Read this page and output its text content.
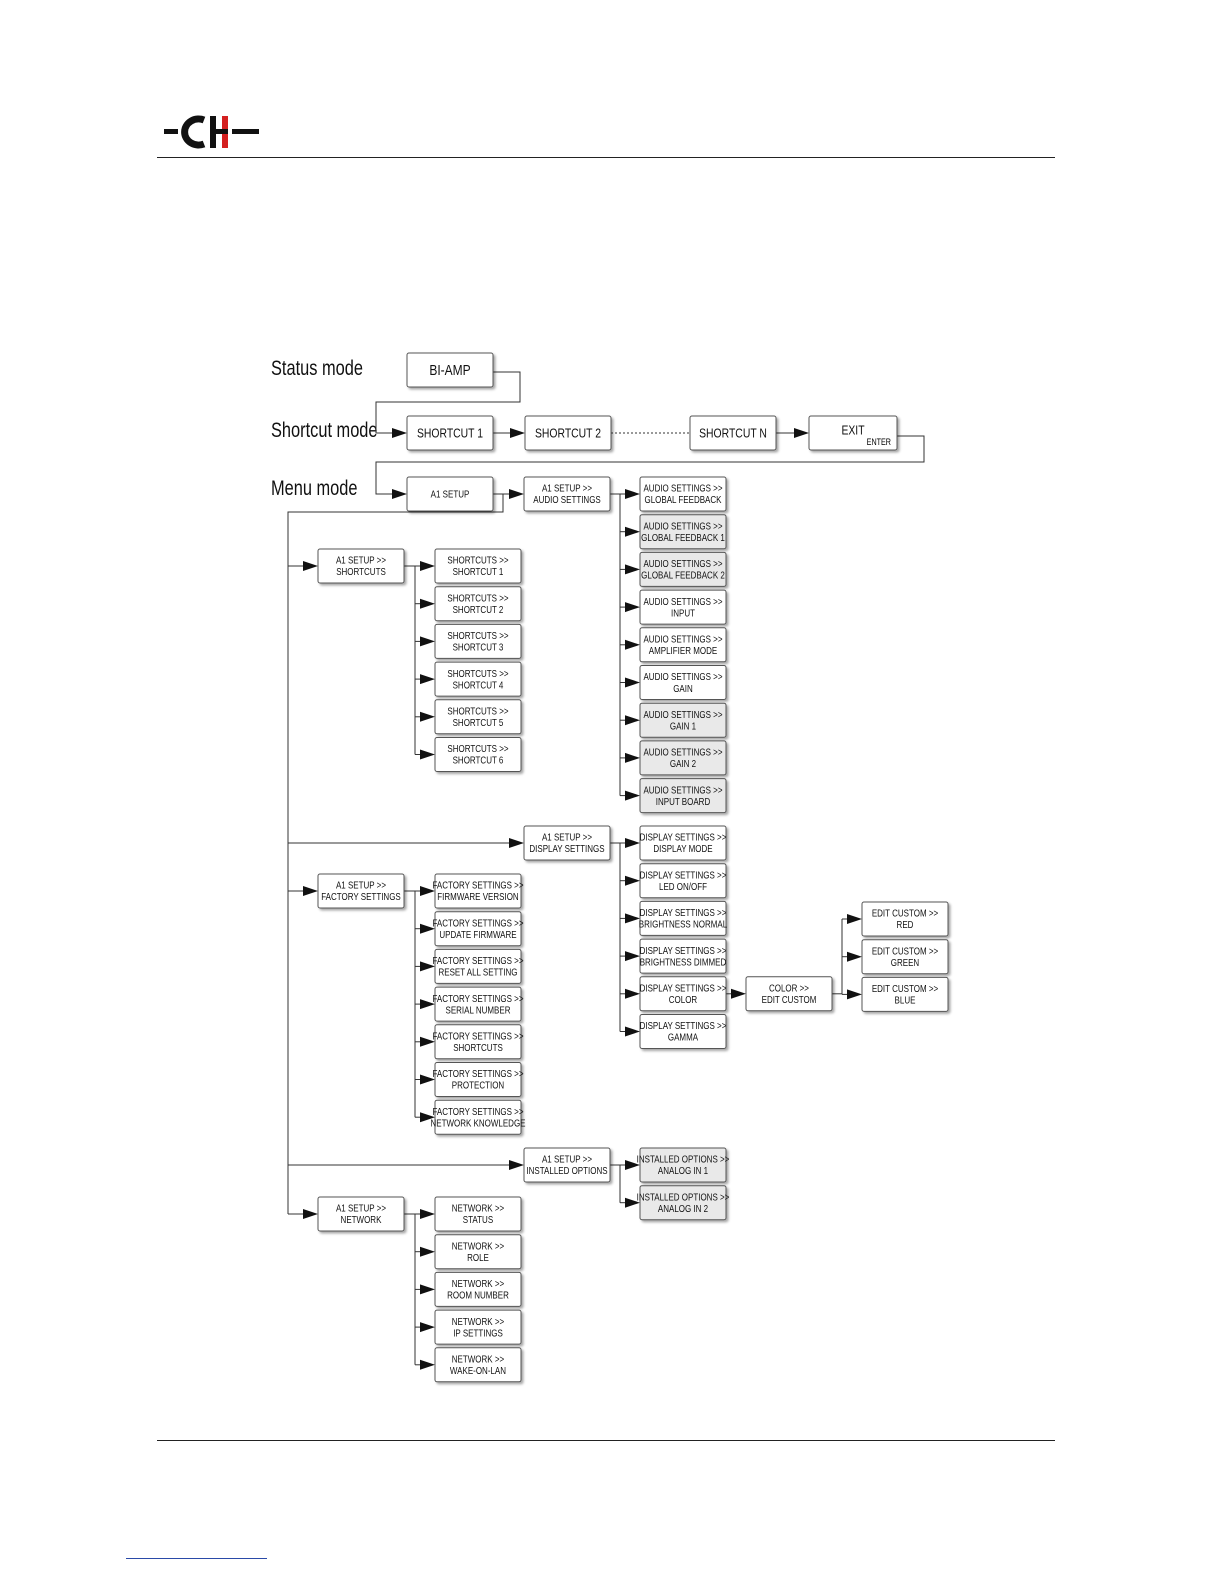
Status mode
Shortcut mode
Menu mode
BI-AMP
SHORTCUT 1	SHORTCUT 2	SHORTCUT N	EXIT
ENTER
A1 SETUP
A1 SETUP >>
AUDIO SETTINGS
AUDIO SETTINGS >>
GLOBAL FEEDBACK
AUDIO SETTINGS >>
GLOBAL FEEDBACK 1
AUDIO SETTINGS >>
GLOBAL FEEDBACK 2
AUDIO SETTINGS >>
INPUT
AUDIO SETTINGS >>
AMPLIFIER MODE
AUDIO SETTINGS >>
GAIN
AUDIO SETTINGS >>
GAIN 1
AUDIO SETTINGS >>
GAIN 2
AUDIO SETTINGS >>
INPUT BOARD
A1 SETUP >>
SHORTCUTS
SHORTCUTS >>
SHORTCUT 1
SHORTCUTS >>
SHORTCUT 2
SHORTCUTS >>
SHORTCUT 3
SHORTCUTS >>
SHORTCUT 4
SHORTCUTS >>
SHORTCUT 5
SHORTCUTS >>
SHORTCUT 6
A1 SETUP >>
DISPLAY SETTINGS
DISPLAY SETTINGS >>
DISPLAY MODE
DISPLAY SETTINGS >>
LED ON/OFF
DISPLAY SETTINGS >>
BRIGHTNESS NORMAL
DISPLAY SETTINGS >>
BRIGHTNESS DIMMED
DISPLAY SETTINGS >>
COLOR
DISPLAY SETTINGS >>
GAMMA
COLOR >>
EDIT CUSTOM
EDIT CUSTOM >>
RED
EDIT CUSTOM >>
GREEN
EDIT CUSTOM >>
BLUE
A1 SETUP >>
FACTORY SETTINGS
FACTORY SETTINGS >>
FIRMWARE VERSION
FACTORY SETTINGS >>
UPDATE FIRMWARE
FACTORY SETTINGS >>
RESET ALL SETTING
FACTORY SETTINGS >>
SERIAL NUMBER
FACTORY SETTINGS >>
SHORTCUTS
FACTORY SETTINGS >>
PROTECTION
FACTORY SETTINGS >>
NETWORK KNOWLEDGE
A1 SETUP >>
INSTALLED OPTIONS
INSTALLED OPTIONS >>
ANALOG IN 1
INSTALLED OPTIONS >>
ANALOG IN 2
A1 SETUP >>
NETWORK
NETWORK >>
STATUS
NETWORK >>
ROLE
NETWORK >>
ROOM NUMBER
NETWORK >>
IP SETTINGS
NETWORK >>
WAKE-ON-LAN
